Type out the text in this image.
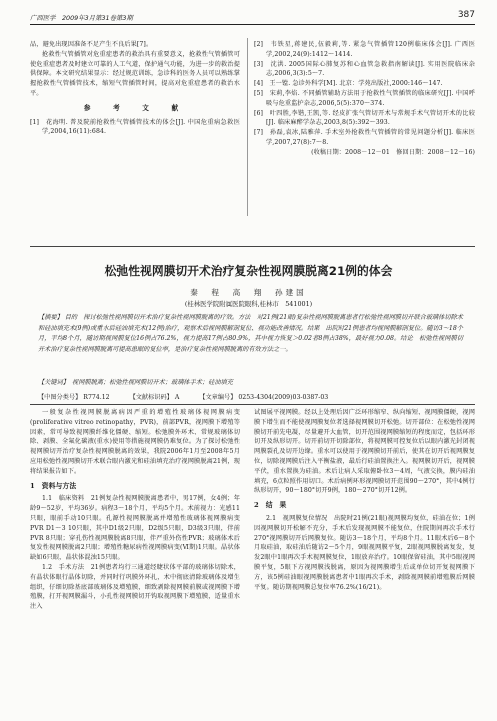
广西医学　2009年3月第31卷第3期	387

品，避免出现因准备不足产生不良后果[7]。

抢救性气管插管对危重症患者的救治具有重要意义，抢救性气管插管可使危重症患者及时建立可靠的人工气道，保护通气功能，为进一步的救治提供保障。本文研究结果显示：经过规范训练，急诊科的医务人员可以熟练掌握抢救性气管插管技术，缩短气管插管时间，提高对危重症患者的救治水平。

参　考　文　献

[1]　花海明. 普及院前抢救性气管插管技术的体会[J]. 中国危重病急救医学,2004,16(11):684.

[2]　韦铁星,蒋建民,伍毅莉,等. 紧急气管插管120例临床体会[J]. 广西医学,2002,24(9):1412～1414.

[3]　沈洪. 2005国际心肺复苏和心血管急救指南解读[J]. 实用医院临床杂志,2006,3(3):5～7.

[4]　王一镗. 急诊外科学[M]. 北京：学苑出版社,2000:146～147.

[5]　宋莉,李焰. 不同插管辅助方法用于抢救性气管插管的临床研究[J]. 中国呼吸与危重监护杂志,2006,5(5):370～374.

[6]　叶四胜,李锴,王凯,等. 经皮扩张气管切开术与常规手术气管切开术的比较[J]. 临床麻醉学杂志,2003,8(5):392～393.

[7]　孙磊,袁冰,陆雅萍. 手术室外抢救性气管插管的常见问题分析[J]. 临床医学,2007,27(8):7～8.

(收稿日期：2008－12－01　修回日期：2008－12－16)

松弛性视网膜切开术治疗复杂性视网膜脱离21例的体会
秦　程　高　翔　孙建国
(桂林医学院附属医院眼科,桂林市　541001)
【摘要】 目的　探讨松弛性视网膜切开术治疗复杂性视网膜脱离的疗效。方法　对21例(21眼)复杂性视网膜脱离患者行松弛性视网膜切开联合玻璃体切除术和硅油填充术(9例)或重水后硅油填充术(12例)治疗，观察术后视网膜解剖复位、视功能改善情况。结果　出院时21例患者均视网膜解剖复位。随访3～18个月，平均8个月，随访期视网膜复位16例占76.2%，视力提高17例占80.9%，其中视力恢复＞0.02者8例占38%，最好视力0.08。结论　松弛性视网膜切开术治疗复杂性视网膜脱离可提高患眼的复位率，是治疗复杂性视网膜脱离的有效方法之一。
【关键词】　视网膜脱离；松弛性视网膜切开术；玻璃体手术；硅油填充
【中图分类号】 R774.12	【文献标识码】 A	【文章编号】 0253-4304(2009)03-0387-03

一般复杂性视网膜脱离病因严重的增殖性玻璃体视网膜病变(proliferative vitreo retinopathy，PVR)，前部PVR，视网膜下增殖等因素，常可导致视网膜纤维化僵硬、缩短。松弛膜外环术、常规玻璃体切除、剥膜、全氟化碳液(重水)使用等措施视网膜仍难复位。为了探讨松弛性视网膜切开治疗复杂性视网膜脱离的效果，我院2006年1月至2008年5月应用松弛性视网膜切开术联合眼内激光和硅油填充治疗视网膜脱离21例，现将结果报告如下。

1　资料与方法

1.1　临床资料　21例复杂性视网膜脱离患者中，男17例，女4例；年龄9～52岁，平均36岁。病程3～18个月，平均5个月。术前视力：光感11只眼，眼前手动10只眼。孔源性视网膜脱离并增殖性玻璃体视网膜病变PVR D1～3 10只眼，其中D1级2只眼，D2级5只眼，D3级3只眼，伴前PVR 8只眼；穿孔伤性视网膜脱离8只眼，伴严重外伤性PVR；玻璃体术后复发性视网膜脱离2只眼；增殖性糖尿病性视网膜病变(Ⅵ期)1只眼。晶状体缺如6只眼，晶状体混浊15只眼。

1.2　手术方法　21例患者均行三通道经睫状体平部的玻璃体切除术，有晶状体眼行晶体切除，并同时行巩膜外环扎，术中彻底清除玻璃体及增生组织，仔细切除基底部玻璃体及增殖膜，细致剥除视网膜前膜或视网膜下增殖膜，打开视网膜漏斗，小孔性视网膜切开钩取视网膜下增殖膜，适量重水注入

试图展平视网膜。经以上处理后因广泛环形缩窄、纵向缩短、视网膜僵硬，视网膜下增生而不能使视网膜复位者选择视网膜切开松弛。切开部位：在松弛性视网膜切开前先电凝，尽量避开大血管，切开范围视网膜缩短的程度而定，包括环形切开及纵形切开。切开前切开切除部位，将视网膜可控复位后以眼内激光封闭视网膜裂孔及切开边缘。重水可以使用于视网膜切开前后，使其在切开后视网膜复位，切除视网膜后注入平衡盐液，最后行硅油置换注入。视网膜切开后，视网膜平伏，重水置换为硅油。术后让病人采取俯卧位3～4周，气液交换，膜内硅油填充，6点粒照作用切口。术后病例环形视网膜切开范围90～270°，其中4例行纵形切开，90～180°切开9例，180～270°切开12例。

2　结　果

2.1　视网膜复位情况　出院时21例(21眼)视网膜均复位，硅油在位；1例因视网膜切开松解不充分，手术后发现视网膜不能复位，住院期间再次手术行270°视网膜切开后网膜复位。随访3～18个月，平均8个月。11眼术后6～8个月取硅油，取硅油后随访2～5个月，9眼视网膜平复，2眼视网膜脱离复发，复发2眼中1眼再次手术视网膜复位，1眼放弃治疗。10眼保留硅油，其中5眼视网膜平复，5眼下方视网膜浅脱离，原因为视网膜增生后或单位切开复视网膜下方，该5例硅油眼视网膜脱离患者中1眼再次手术，剥除视网膜前增殖膜后网膜平复。随访期视网膜总复位率76.2%(16/21)。
